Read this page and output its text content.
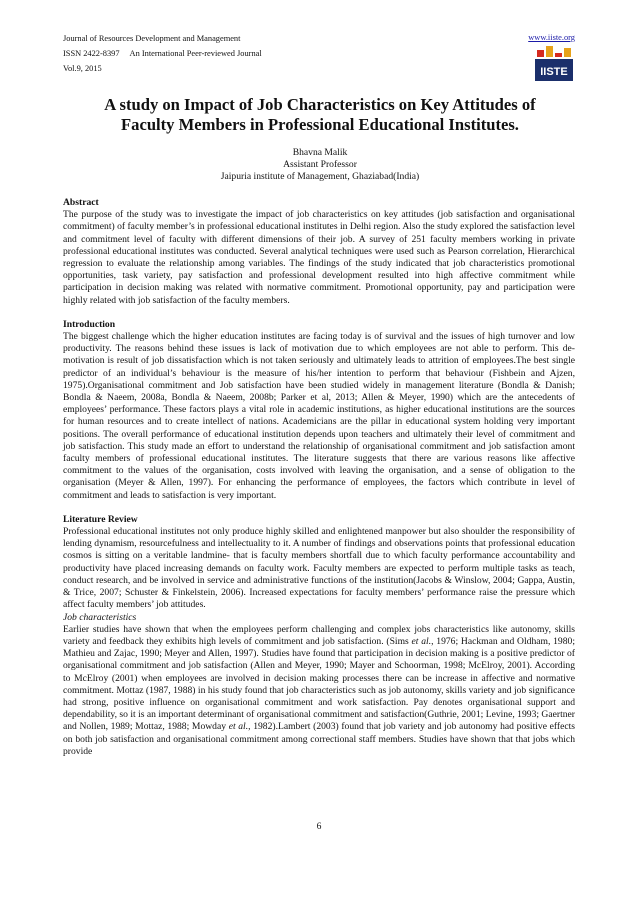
Journal of Resources Development and Management	www.iiste.org
ISSN 2422-8397 An International Peer-reviewed Journal
Vol.9, 2015	IISTE
A study on Impact of Job Characteristics on Key Attitudes of
Faculty Members in Professional Educational Institutes.
Bhavna Malik
Assistant Professor
Jaipuria institute of Management, Ghaziabad(India)

Abstract

The purpose of the study was to investigate the impact of job characteristics on key attitudes (job satisfaction and organisational commitment) of faculty member’s in professional educational institutes in Delhi region. Also the study explored the satisfaction level and commitment level of faculty with different dimensions of their job. A survey of 251 faculty members working in private professional educational institutes was conducted. Several analytical techniques were used such as Pearson correlation, Hierarchical regression to evaluate the relationship among variables. The findings of the study indicated that job characteristics promotional opportunities, task variety, pay satisfaction and professional development resulted into high affective commitment while participation in decision making was related with normative commitment. Promotional opportunity, pay and participation were highly related with job satisfaction of the faculty members.

Introduction

The biggest challenge which the higher education institutes are facing today is of survival and the issues of high turnover and low productivity. The reasons behind these issues is lack of motivation due to which employees are not able to perform. This de-motivation is result of job dissatisfaction which is not taken seriously and ultimately leads to attrition of employees.The best single predictor of an individual’s behaviour is the measure of his/her intention to perform that behaviour (Fishbein and Ajzen, 1975).Organisational commitment and Job satisfaction have been studied widely in management literature (Bondla & Danish; Bondla & Naeem, 2008a, Bondla & Naeem, 2008b; Parker et al, 2013; Allen & Meyer, 1990) which are the antecedents of employees’ performance. These factors plays a vital role in academic institutions, as higher educational institutions are the sources for human resources and to create intellect of nations. Academicians are the pillar in educational system holding very important positions. The overall performance of educational institution depends upon teachers and ultimately their level of commitment and job satisfaction. This study made an effort to understand the relationship of organisational commitment and job satisfaction amont faculty members of professional educational institutes. The literature suggests that there are various reasons like affective commitment to the values of the organisation, costs involved with leaving the organisation, and a sense of obligation to the organisation (Meyer & Allen, 1997). For enhancing the performance of employees, the factors which contribute in level of commitment and leads to satisfaction is very important.

Literature Review

Professional educational institutes not only produce highly skilled and enlightened manpower but also shoulder the responsibility of lending dynamism, resourcefulness and intellectuality to it. A number of findings and observations points that professional education cosmos is sitting on a veritable landmine- that is faculty members shortfall due to which faculty performance accountability and productivity have placed increasing demands on faculty work. Faculty members are expected to perform multiple tasks as teach, conduct research, and be involved in service and administrative functions of the institution(Jacobs & Winslow, 2004; Gappa, Austin, & Trice, 2007; Schuster & Finkelstein, 2006). Increased expectations for faculty members’ performance raise the pressure which affect faculty members’ job attitudes.

Job characteristics

Earlier studies have shown that when the employees perform challenging and complex jobs characteristics like autonomy, skills variety and feedback they exhibits high levels of commitment and job satisfaction. (Sims et al., 1976; Hackman and Oldham, 1980; Mathieu and Zajac, 1990; Meyer and Allen, 1997). Studies have found that participation in decision making is a positive predictor of organisational commitment and job satisfaction (Allen and Meyer, 1990; Mayer and Schoorman, 1998; McElroy, 2001). According to McElroy (2001) when employees are involved in decision making processes there can be increase in affective and normative commitment. Mottaz (1987, 1988) in his study found that job characteristics such as job autonomy, skills variety and job significance had strong, positive influence on organisational commitment and work satisfaction. Pay denotes organisational support and dependability, so it is an important determinant of organisational commitment and satisfaction(Guthrie, 2001; Levine, 1993; Gaertner and Nollen, 1989; Mottaz, 1988; Mowday et al., 1982).Lambert (2003) found that job variety and job autonomy had positive effects on both job satisfaction and organisational commitment among correctional staff members. Studies have shown that that jobs which provide

6
